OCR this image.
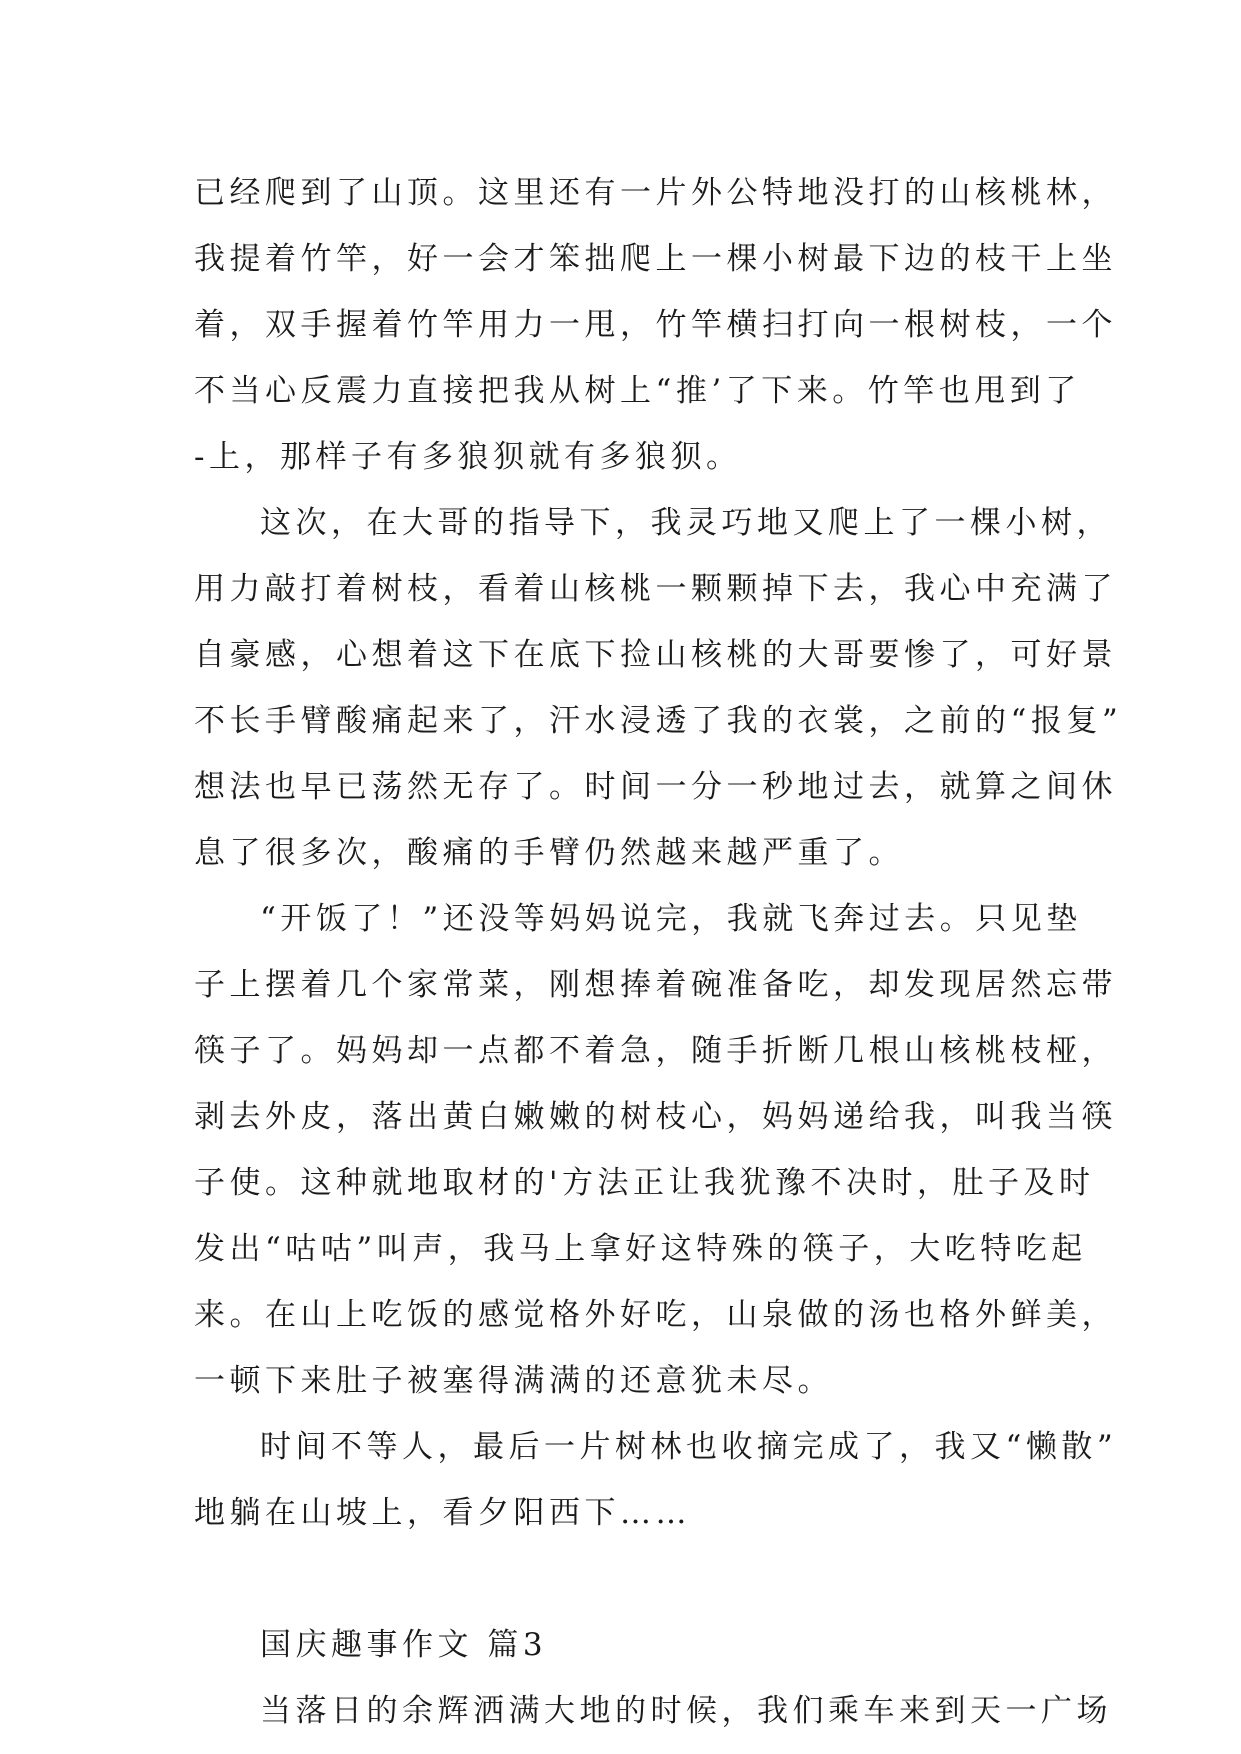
已经爬到了山顶。这里还有一片外公特地没打的山核桃林，
我提着竹竿，好一会才笨拙爬上一棵小树最下边的枝干上坐
着，双手握着竹竿用力一甩，竹竿横扫打向一根树枝，一个
不当心反震力直接把我从树上“推’了下来。竹竿也甩到了
-上，那样子有多狼狈就有多狼狈。
这次，在大哥的指导下，我灵巧地又爬上了一棵小树，
用力敲打着树枝，看着山核桃一颗颗掉下去，我心中充满了
自豪感，心想着这下在底下捡山核桃的大哥要惨了，可好景
不长手臂酸痛起来了，汗水浸透了我的衣裳，之前的“报复”
想法也早已荡然无存了。时间一分一秒地过去，就算之间休
息了很多次，酸痛的手臂仍然越来越严重了。
“开饭了！”还没等妈妈说完，我就飞奔过去。只见垫
子上摆着几个家常菜，刚想捧着碗准备吃，却发现居然忘带
筷子了。妈妈却一点都不着急，随手折断几根山核桃枝桠，
剥去外皮，落出黄白嫩嫩的树枝心，妈妈递给我，叫我当筷
子使。这种就地取材的'方法正让我犹豫不决时，肚子及时
发出“咕咕”叫声，我马上拿好这特殊的筷子，大吃特吃起
来。在山上吃饭的感觉格外好吃，山泉做的汤也格外鲜美，
一顿下来肚子被塞得满满的还意犹未尽。
时间不等人，最后一片树林也收摘完成了，我又“懒散”
地躺在山坡上，看夕阳西下……
国庆趣事作文 篇3
当落日的余辉洒满大地的时候，我们乘车来到天一广场
